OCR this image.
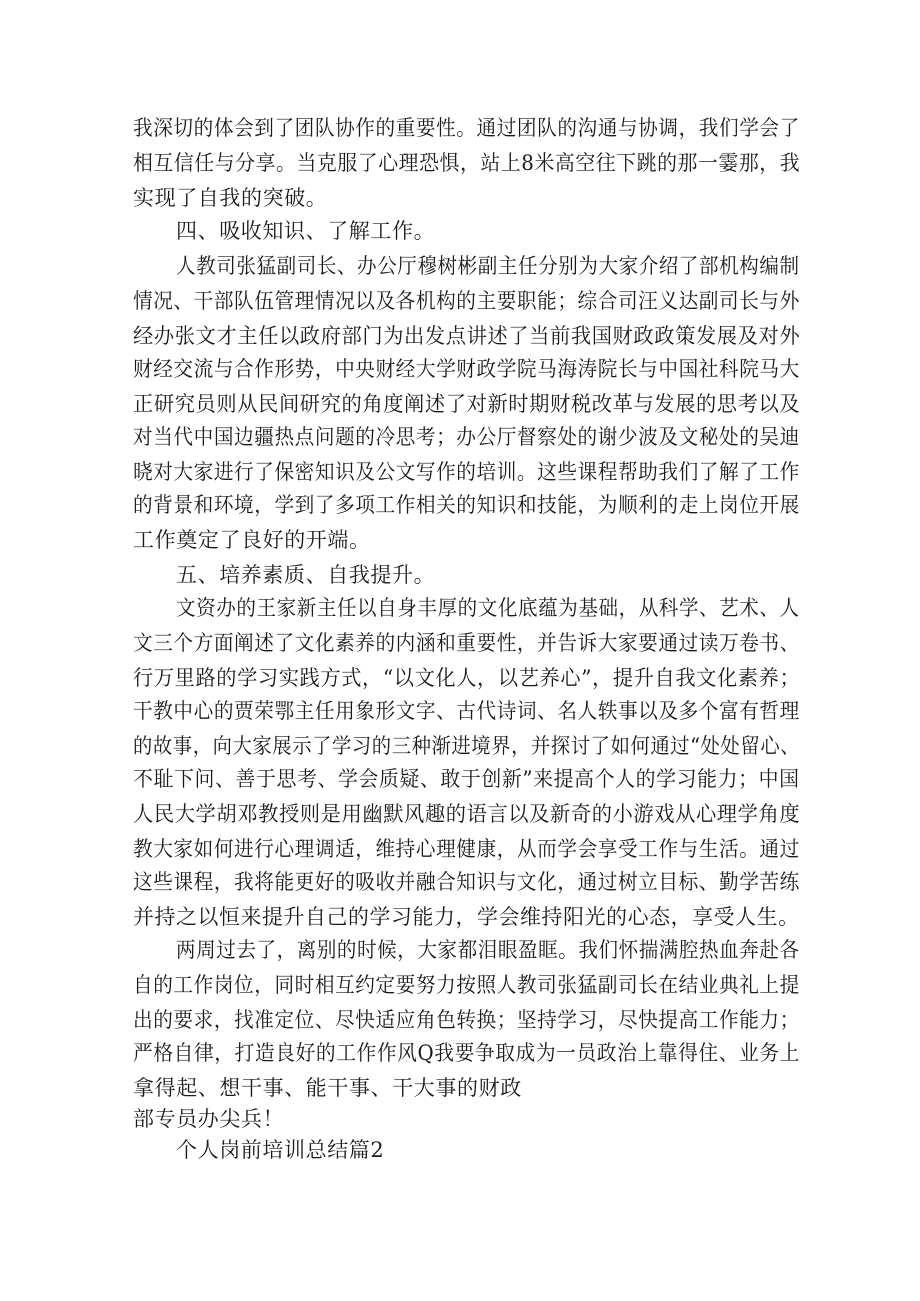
我深切的体会到了团队协作的重要性。通过团队的沟通与协调，我们学会了
相互信任与分享。当克服了心理恐惧，站上8米高空往下跳的那一霎那，我
实现了自我的突破。
四、吸收知识、了解工作。
人教司张猛副司长、办公厅穆树彬副主任分别为大家介绍了部机构编制
情况、干部队伍管理情况以及各机构的主要职能；综合司汪义达副司长与外
经办张文才主任以政府部门为出发点讲述了当前我国财政政策发展及对外
财经交流与合作形势，中央财经大学财政学院马海涛院长与中国社科院马大
正研究员则从民间研究的角度阐述了对新时期财税改革与发展的思考以及
对当代中国边疆热点问题的冷思考；办公厅督察处的谢少波及文秘处的吴迪
晓对大家进行了保密知识及公文写作的培训。这些课程帮助我们了解了工作
的背景和环境，学到了多项工作相关的知识和技能，为顺利的走上岗位开展
工作奠定了良好的开端。
五、培养素质、自我提升。
文资办的王家新主任以自身丰厚的文化底蕴为基础，从科学、艺术、人
文三个方面阐述了文化素养的内涵和重要性，并告诉大家要通过读万卷书、
行万里路的学习实践方式，“以文化人，以艺养心”，提升自我文化素养；
干教中心的贾荣鄂主任用象形文字、古代诗词、名人轶事以及多个富有哲理
的故事，向大家展示了学习的三种渐进境界，并探讨了如何通过“处处留心、
不耻下问、善于思考、学会质疑、敢于创新”来提高个人的学习能力；中国
人民大学胡邓教授则是用幽默风趣的语言以及新奇的小游戏从心理学角度
教大家如何进行心理调适，维持心理健康，从而学会享受工作与生活。通过
这些课程，我将能更好的吸收并融合知识与文化，通过树立目标、勤学苦练
并持之以恒来提升自己的学习能力，学会维持阳光的心态，享受人生。
两周过去了，离别的时候，大家都泪眼盈眶。我们怀揣满腔热血奔赴各
自的工作岗位，同时相互约定要努力按照人教司张猛副司长在结业典礼上提
出的要求，找准定位、尽快适应角色转换；坚持学习，尽快提高工作能力；
严格自律，打造良好的工作作风Q我要争取成为一员政治上靠得住、业务上
拿得起、想干事、能干事、干大事的财政
部专员办尖兵！
个人岗前培训总结篇2
